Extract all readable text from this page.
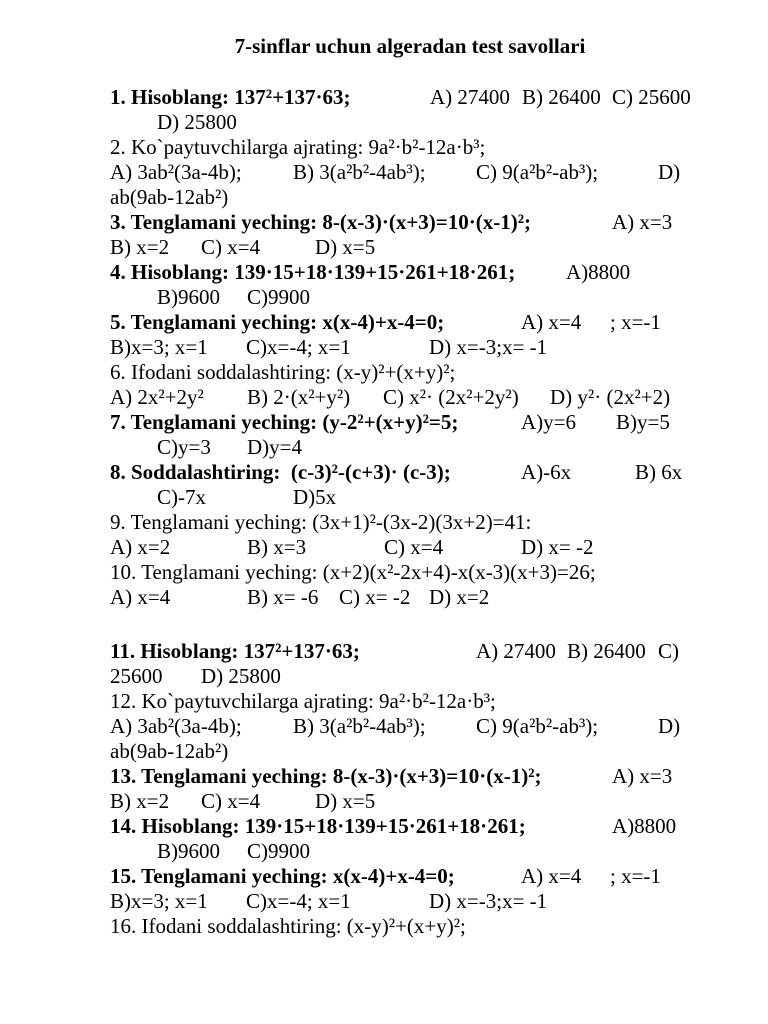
7-sinflar uchun algeradan test savollari

1. Hisoblang: 137²+137·63;

	A) 27400

B) 26400

C) 25600

D) 25800
2. Ko`paytuvchilarga ajrating: 9a²·b²-12a·b³;

A) 3ab²(3a-4b);

B) 3(a²b²-4ab³);

C) 9(a²b²-ab³);

	D)

ab(9ab-12ab²)

3. Tenglamani yeching: 8-(x-3)·(x+3)=10·(x-1)²;

	A) x=3

B) x=2

C) x=4

	D) x=5

4. Hisoblang: 139·15+18·139+15·261+18·261;

A)8800

B)9600

C)9900

5. Tenglamani yeching: x(x-4)+x-4=0;

	A) x=4

; x=-1

B)x=3; x=1

C)x=-4; x=1

	D) x=-3;x= -1

6. Ifodani soddalashtiring: (x-y)²+(x+y)²;

A) 2x²+2y²

B) 2·(x²+y²)

C) x²· (2x²+2y²)

D) y²· (2x²+2)

7. Tenglamani yeching: (y-2²+(x+y)²=5;

	A)y=6

B)y=5

C)y=3

D)y=4

8. Soddalashtiring:  (c-3)²-(c+3)· (c-3);

	A)-6x

	B) 6x

C)-7x

	D)5x

9. Tenglamani yeching: (3x+1)²-(3x-2)(3x+2)=41:

A) x=2

	B) x=3

	C) x=4

	D) x= -2

10. Tenglamani yeching: (x+2)(x²-2x+4)-x(x-3)(x+3)=26;

A) x=4

	B) x= -6

C) x= -2

D) x=2

11. Hisoblang: 137²+137·63;

	A) 27400

B) 26400

C)

25600

D) 25800

12. Ko`paytuvchilarga ajrating: 9a²·b²-12a·b³;

A) 3ab²(3a-4b);

B) 3(a²b²-4ab³);

C) 9(a²b²-ab³);

	D)

ab(9ab-12ab²)

13. Tenglamani yeching: 8-(x-3)·(x+3)=10·(x-1)²;

	A) x=3

B) x=2

C) x=4

	D) x=5

14. Hisoblang: 139·15+18·139+15·261+18·261;

	A)8800

B)9600

C)9900

15. Tenglamani yeching: x(x-4)+x-4=0;

	A) x=4

; x=-1

B)x=3; x=1

C)x=-4; x=1

	D) x=-3;x= -1

16. Ifodani soddalashtiring: (x-y)²+(x+y)²;
